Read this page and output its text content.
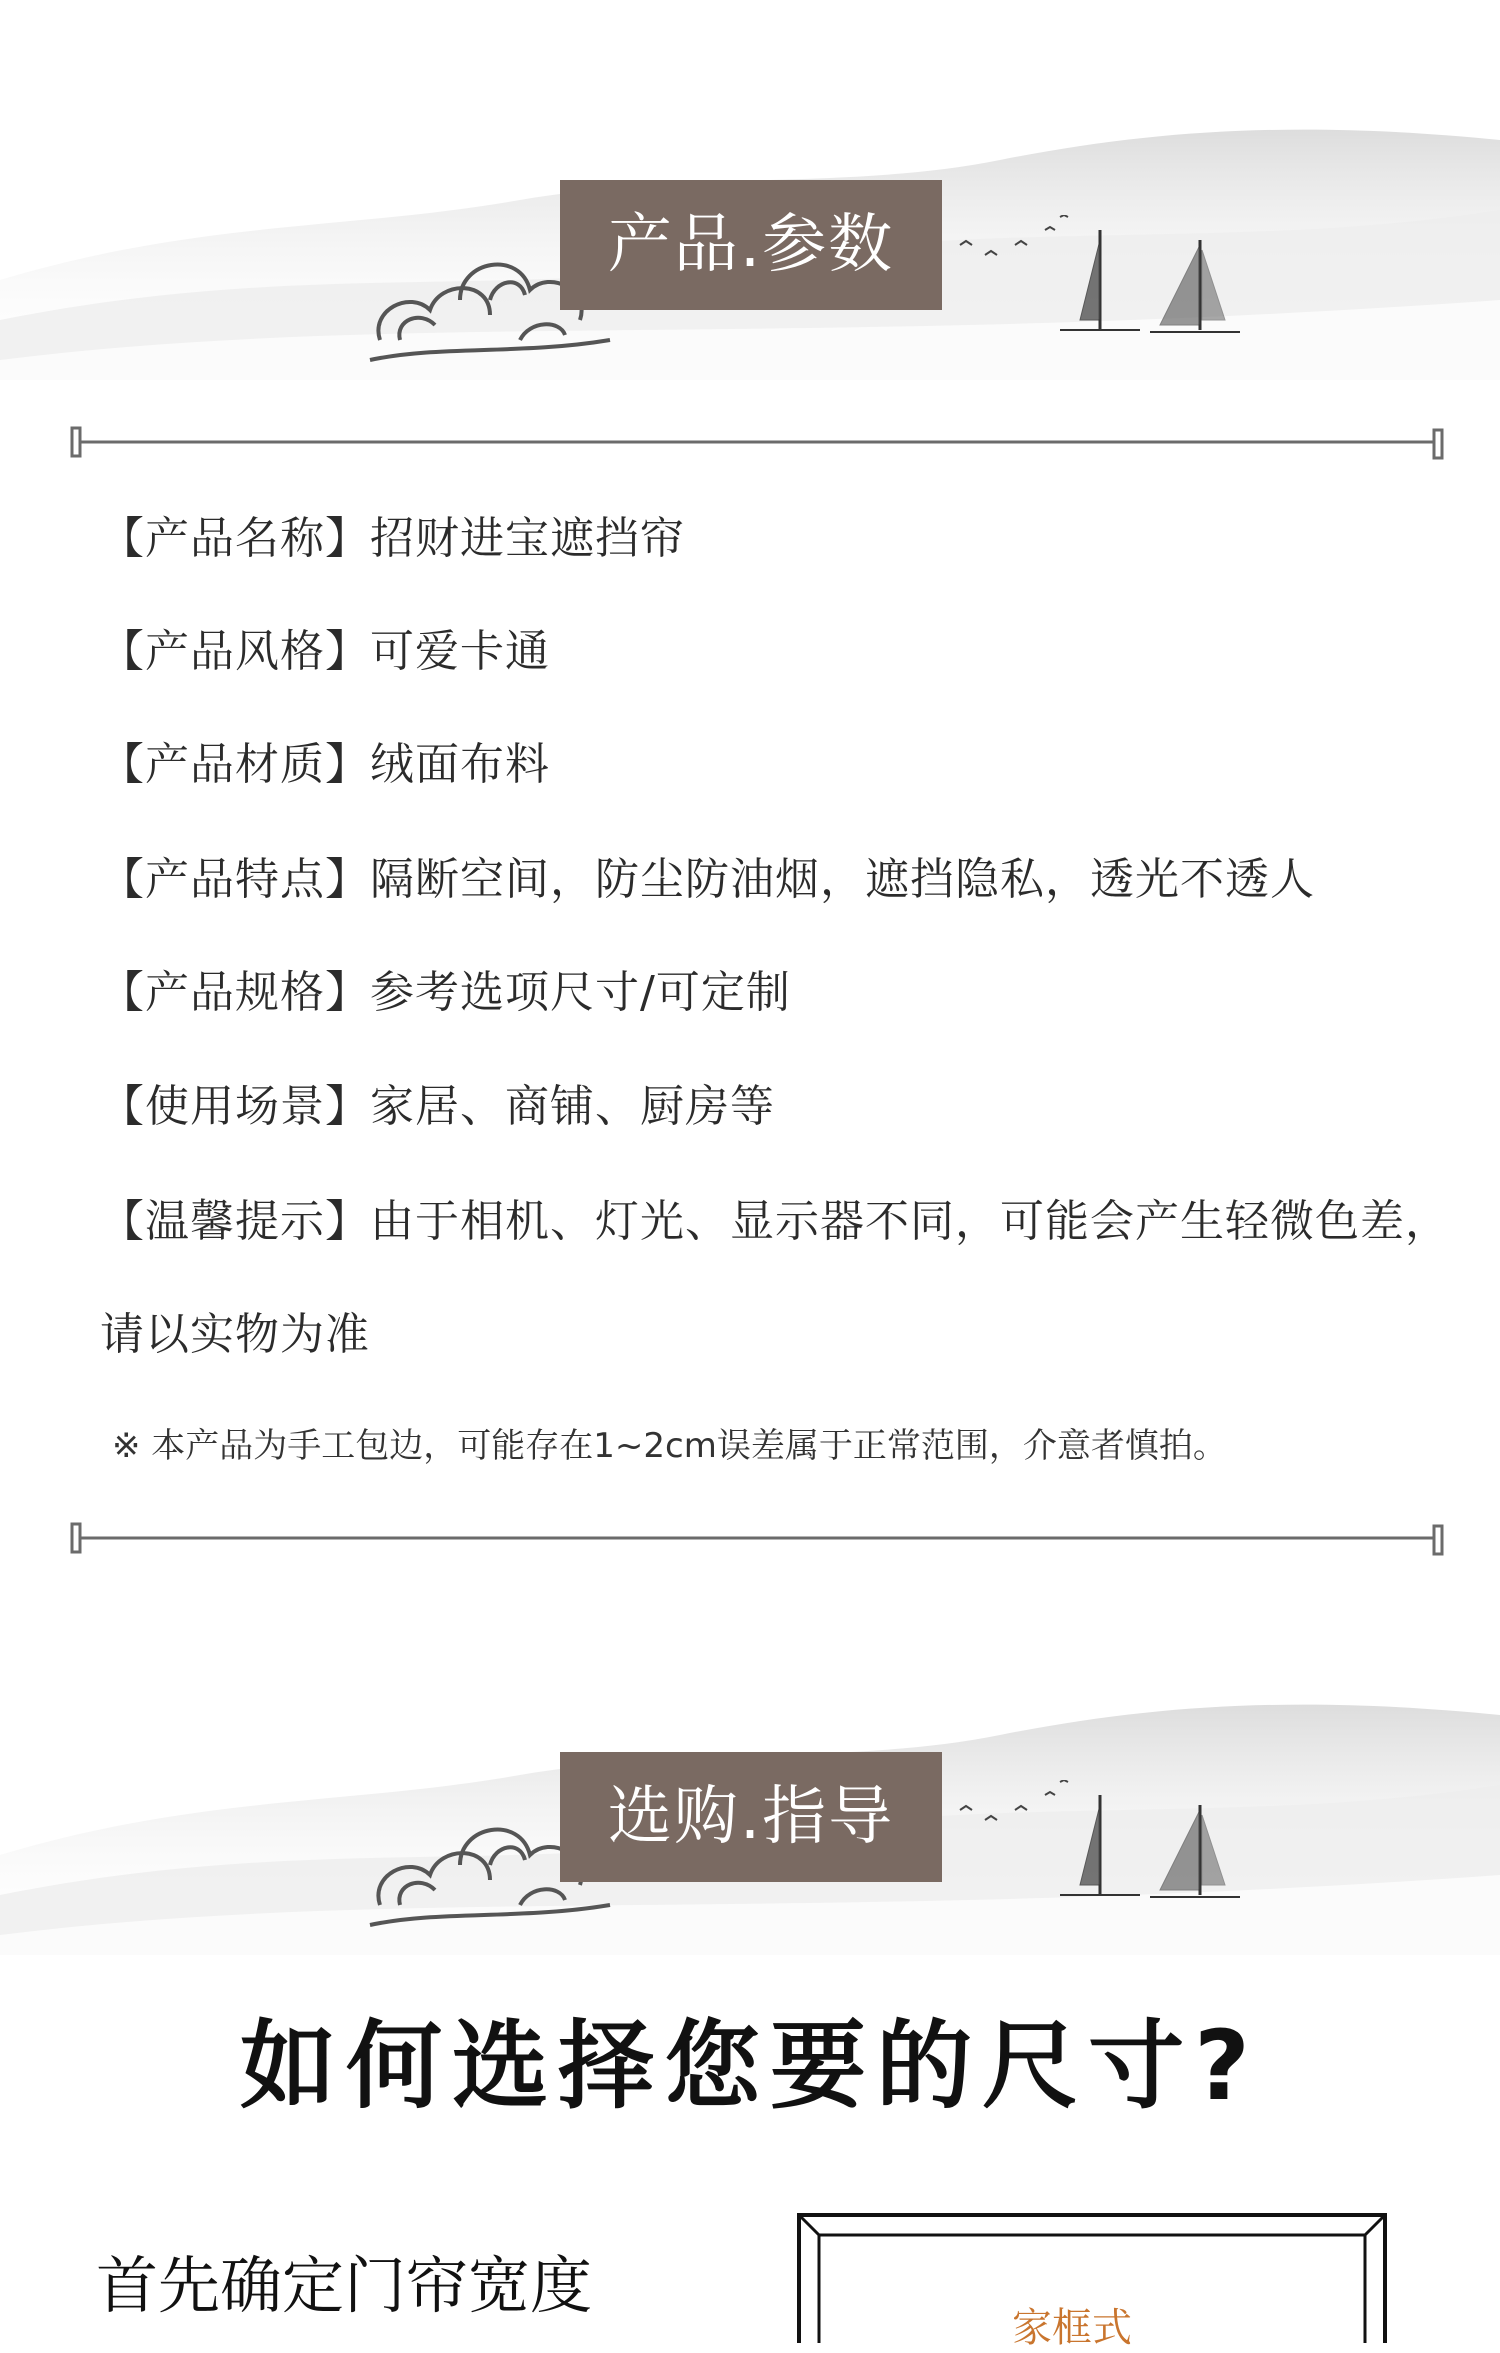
产品.参数
【产品名称】招财进宝遮挡帘
【产品风格】可爱卡通
【产品材质】绒面布料
【产品特点】隔断空间，防尘防油烟，遮挡隐私，透光不透人
【产品规格】参考选项尺寸/可定制
【使用场景】家居、商铺、厨房等
【温馨提示】由于相机、灯光、显示器不同，可能会产生轻微色差，
请以实物为准
※ 本产品为手工包边，可能存在1~2cm误差属于正常范围，介意者慎拍。
选购.指导
如何选择您要的尺寸?
首先确定门帘宽度
家框式
